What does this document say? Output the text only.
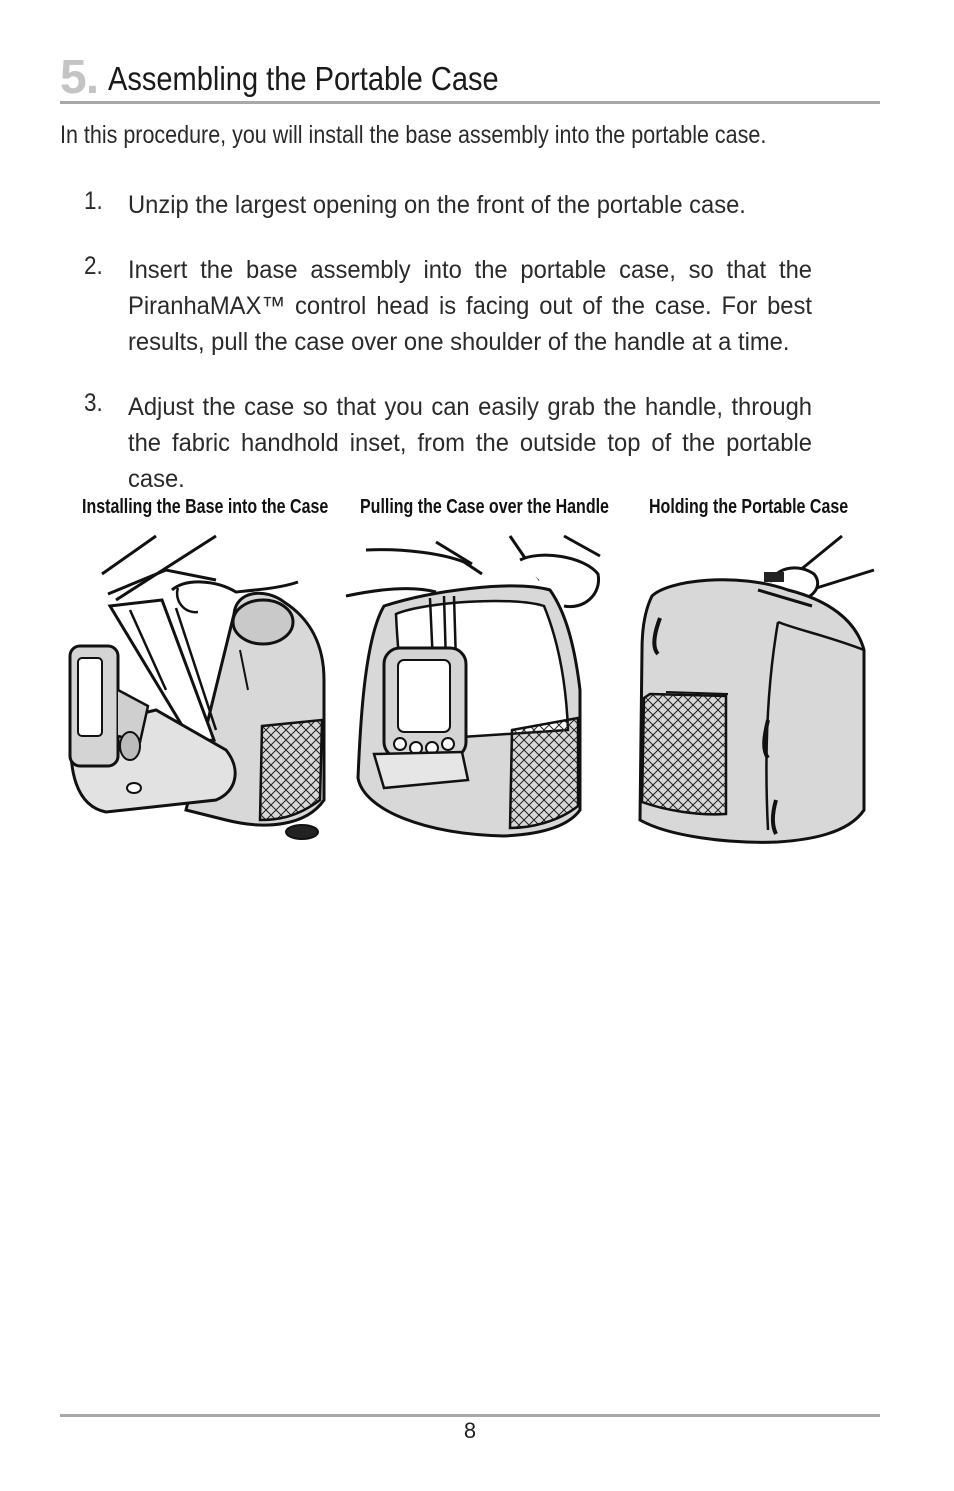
5. Assembling the Portable Case
In this procedure, you will install the base assembly into the portable case.
1. Unzip the largest opening on the front of the portable case.
2. Insert the base assembly into the portable case, so that the PiranhaMAX™ control head is facing out of the case. For best results, pull the case over one shoulder of the handle at a time.
3. Adjust the case so that you can easily grab the handle, through the fabric handhold inset, from the outside top of the portable case.
Installing the Base into the Case Pulling the Case over the Handle Holding the Portable Case
8
